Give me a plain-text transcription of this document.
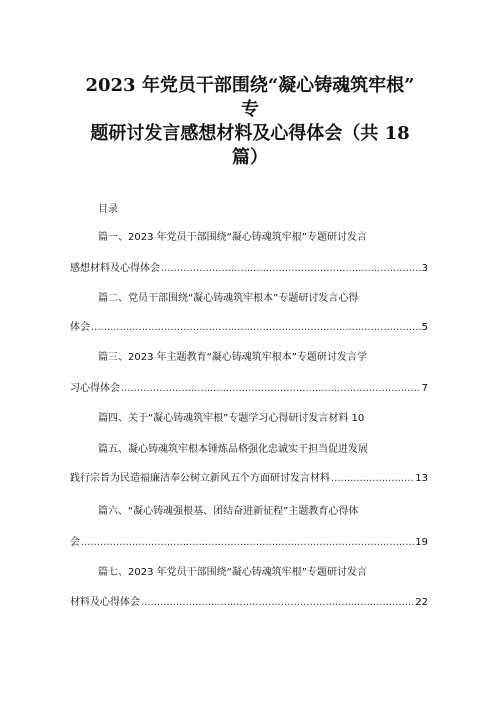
2023 年党员干部围绕“凝心铸魂筑牢根”
专
题研讨发言感想材料及心得体会（共 18
篇）
目录
篇一、2023 年党员干部围绕“凝心铸魂筑牢根”专题研讨发言
感想材料及心得体会 .....	3
篇二、党员干部围绕“凝心铸魂筑牢根本”专题研讨发言心得
体会 .....	5
篇三、2023 年主题教育“凝心铸魂筑牢根本”专题研讨发言学
习心得体会 .....	7
篇四、关于“凝心铸魂筑牢根”专题学习心得研讨发言材料 10
篇五、凝心铸魂筑牢根本锤炼品格强化忠诚实干担当促进发展
践行宗旨为民造福廉洁奉公树立新风五个方面研讨发言材料 .....	13
篇六、“凝心铸魂强根基、团结奋进新征程”主题教育心得体
会 .....	19
篇七、2023 年党员干部围绕“凝心铸魂筑牢根”专题研讨发言
材料及心得体会 .....	22
